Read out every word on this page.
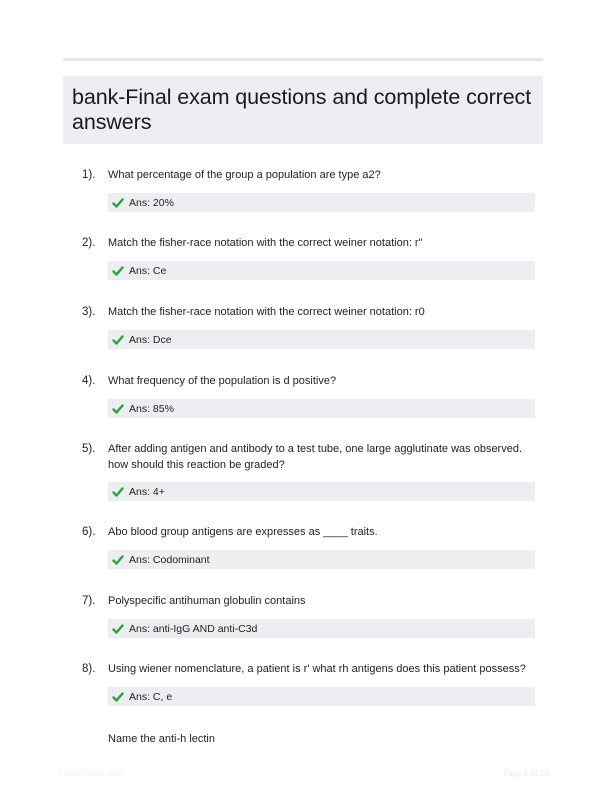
bank-Final exam questions and complete correct answers
1). What percentage of the group a population are type a2?
Ans: 20%
2). Match the fisher-race notation with the correct weiner notation: r"
Ans: Ce
3). Match the fisher-race notation with the correct weiner notation: r0
Ans: Dce
4). What frequency of the population is d positive?
Ans: 85%
5). After adding antigen and antibody to a test tube, one large agglutinate was observed. how should this reaction be graded?
Ans: 4+
6). Abo blood group antigens are expresses as ____ traits.
Ans: Codominant
7). Polyspecific antihuman globulin contains
Ans: anti-IgG AND anti-C3d
8). Using wiener nomenclature, a patient is r' what rh antigens does this patient possess?
Ans: C, e
Name the anti-h lectin
PaperStore.com	Page 1 of 18
